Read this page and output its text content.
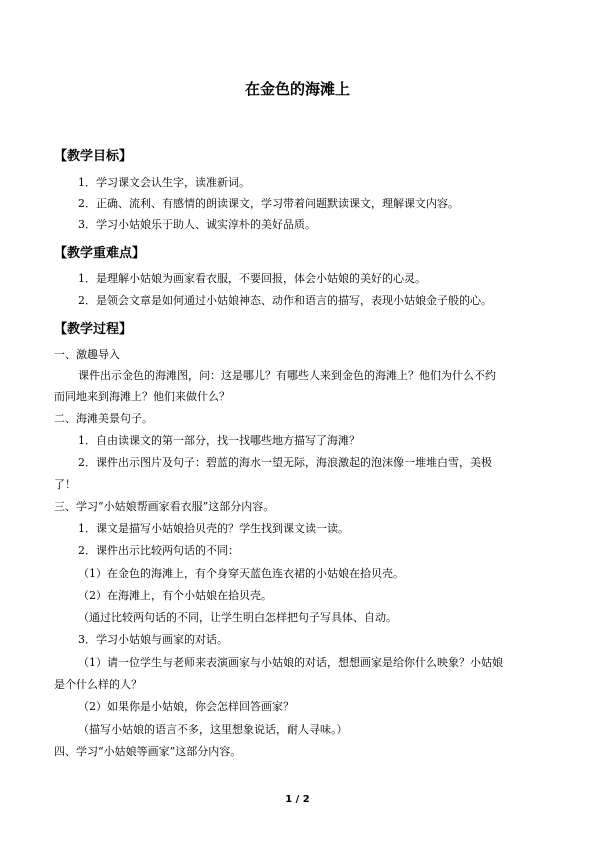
在金色的海滩上
【教学目标】
1．学习课文会认生字，读准新词。
2．正确、流利、有感情的朗读课文，学习带着问题默读课文，理解课文内容。
3．学习小姑娘乐于助人、诚实淳朴的美好品质。
【教学重难点】
1．是理解小姑娘为画家看衣服，不要回报，体会小姑娘的美好的心灵。
2．是领会文章是如何通过小姑娘神态、动作和语言的描写，表现小姑娘金子般的心。
【教学过程】
一、激趣导入
课件出示金色的海滩图，问：这是哪儿？有哪些人来到金色的海滩上？他们为什么不约
而同地来到海滩上？他们来做什么？
二、海滩美景句子。
1．自由读课文的第一部分，找一找哪些地方描写了海滩？
2．课件出示图片及句子：碧蓝的海水一望无际，海浪激起的泡沫像一堆堆白雪，美极
了！
三、学习“小姑娘帮画家看衣服”这部分内容。
1．课文是描写小姑娘拾贝壳的？学生找到课文读一读。
2．课件出示比较两句话的不同：
（1）在金色的海滩上，有个身穿天蓝色连衣裙的小姑娘在拾贝壳。
（2）在海滩上，有个小姑娘在拾贝壳。
（通过比较两句话的不同，让学生明白怎样把句子写具体、自动。
3．学习小姑娘与画家的对话。
（1）请一位学生与老师来表演画家与小姑娘的对话，想想画家是给你什么映象？小姑娘
是个什么样的人？
（2）如果你是小姑娘，你会怎样回答画家？
（描写小姑娘的语言不多，这里想象说话，耐人寻味。）
四、学习“小姑娘等画家”这部分内容。
1 / 2
